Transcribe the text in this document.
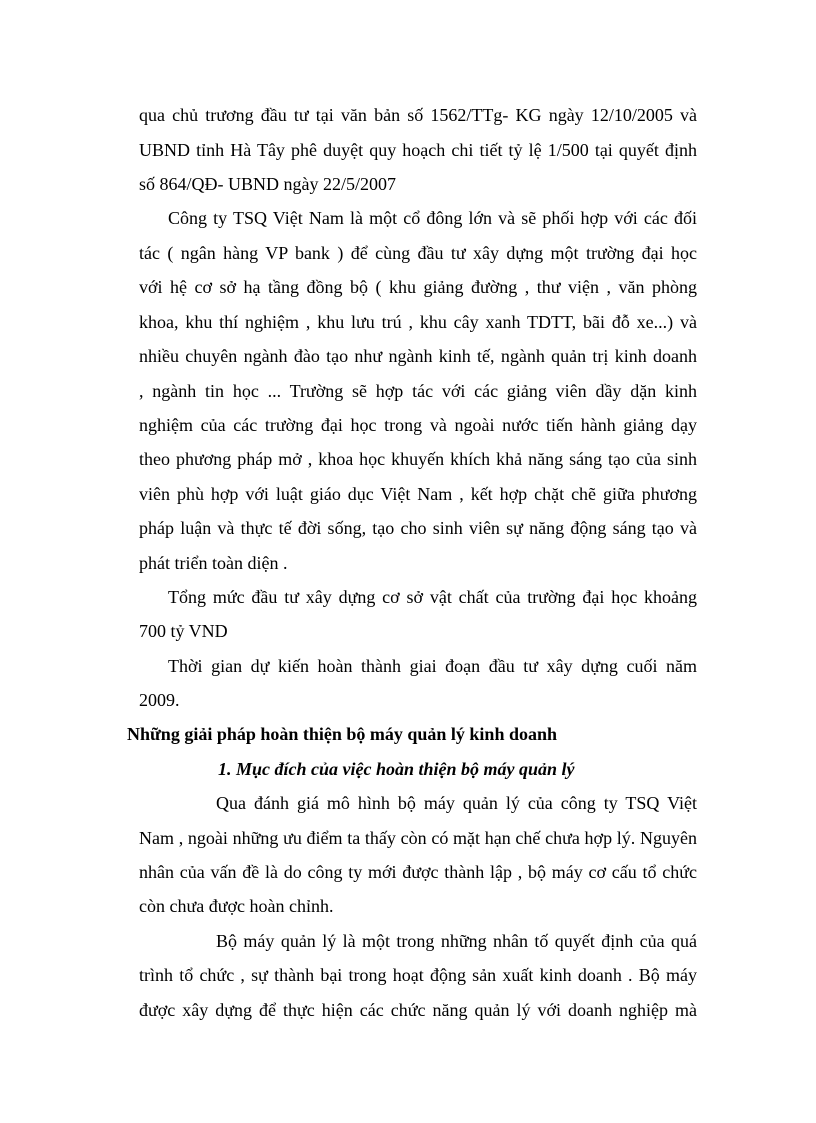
qua chủ trương đầu tư tại văn bản số 1562/TTg- KG ngày 12/10/2005 và
UBND tỉnh Hà Tây phê duyệt quy hoạch chi tiết tỷ lệ 1/500 tại quyết định
số 864/QĐ- UBND ngày 22/5/2007
Công ty TSQ Việt Nam là một cổ đông lớn và sẽ phối hợp với các đối
tác ( ngân hàng VP bank ) để cùng đầu tư xây dựng một trường đại học
với hệ cơ sở hạ tầng đồng bộ ( khu giảng đường , thư viện , văn phòng
khoa, khu thí nghiệm , khu lưu trú , khu cây xanh TDTT, bãi đỗ xe...) và
nhiều chuyên ngành đào tạo như ngành kinh tế, ngành quản trị kinh doanh
, ngành tin học ... Trường sẽ hợp tác với các giảng viên dầy dặn kinh
nghiệm của các trường đại học trong và ngoài nước tiến hành giảng dạy
theo phương pháp mở , khoa học khuyến khích khả năng sáng tạo của sinh
viên phù hợp với luật giáo dục Việt Nam , kết hợp chặt chẽ giữa phương
pháp luận và thực tế đời sống, tạo cho sinh viên sự năng động sáng tạo và
phát triển toàn diện .
Tổng mức đầu tư xây dựng cơ sở vật chất của trường đại học khoảng
700 tỷ VND
Thời gian dự kiến hoàn thành giai đoạn đầu tư xây dựng cuối năm
2009.
Những giải pháp hoàn thiện bộ máy quản lý kinh doanh
1. Mục đích của việc hoàn thiện bộ máy quản lý
Qua đánh giá mô hình bộ máy quản lý của công ty TSQ Việt
Nam , ngoài những ưu điểm ta thấy còn có mặt hạn chế chưa hợp lý. Nguyên
nhân của vấn đề là do công ty mới được thành lập , bộ máy cơ cấu tổ chức
còn chưa được hoàn chỉnh.
Bộ máy quản lý là một trong những nhân tố quyết định của quá
trình tổ chức , sự thành bại trong hoạt động sản xuất kinh doanh . Bộ máy
được xây dựng để thực hiện các chức năng quản lý với doanh nghiệp mà
